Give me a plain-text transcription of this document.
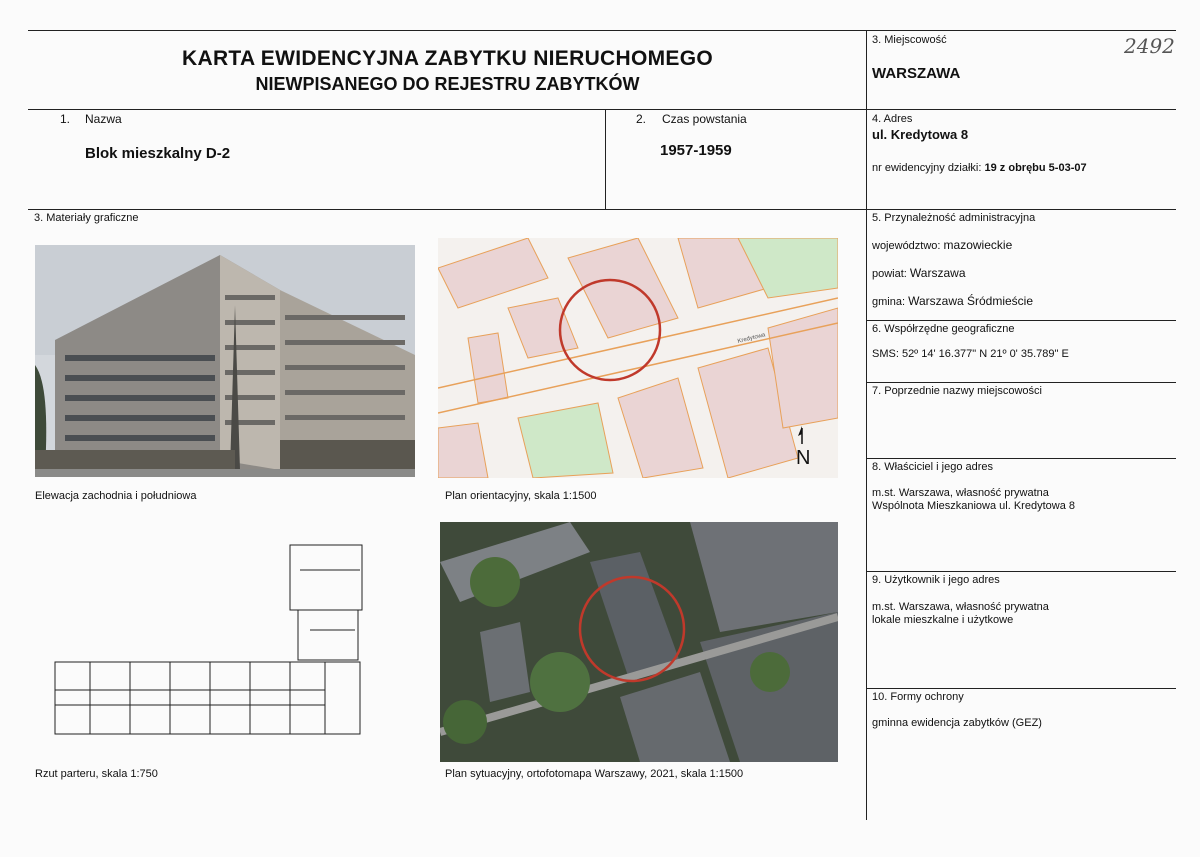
KARTA EWIDENCYJNA ZABYTKU NIERUCHOMEGO
NIEWPISANEGO DO REJESTRU ZABYTKÓW
3. Miejscowość
WARSZAWA
2492
1. Nazwa
Blok mieszkalny D-2
2. Czas powstania
1957-1959
4. Adres
ul. Kredytowa 8
nr ewidencyjny działki: 19 z obrębu 5-03-07
3. Materiały graficzne
Elewacja zachodnia i południowa
Kredytowa
N
Plan orientacyjny, skala 1:1500
Rzut parteru, skala 1:750	Plan sytuacyjny, ortofotomapa Warszawy, 2021, skala 1:1500
5. Przynależność administracyjna
województwo: mazowieckie
powiat: Warszawa
gmina: Warszawa Śródmieście
6. Współrzędne geograficzne
SMS: 52º 14' 16.377" N 21º 0' 35.789" E
7. Poprzednie nazwy miejscowości
8. Właściciel i jego adres
m.st. Warszawa, własność prywatna
Wspólnota Mieszkaniowa ul. Kredytowa 8
9. Użytkownik i jego adres
m.st. Warszawa, własność prywatna
lokale mieszkalne i użytkowe
10. Formy ochrony
gminna ewidencja zabytków (GEZ)
